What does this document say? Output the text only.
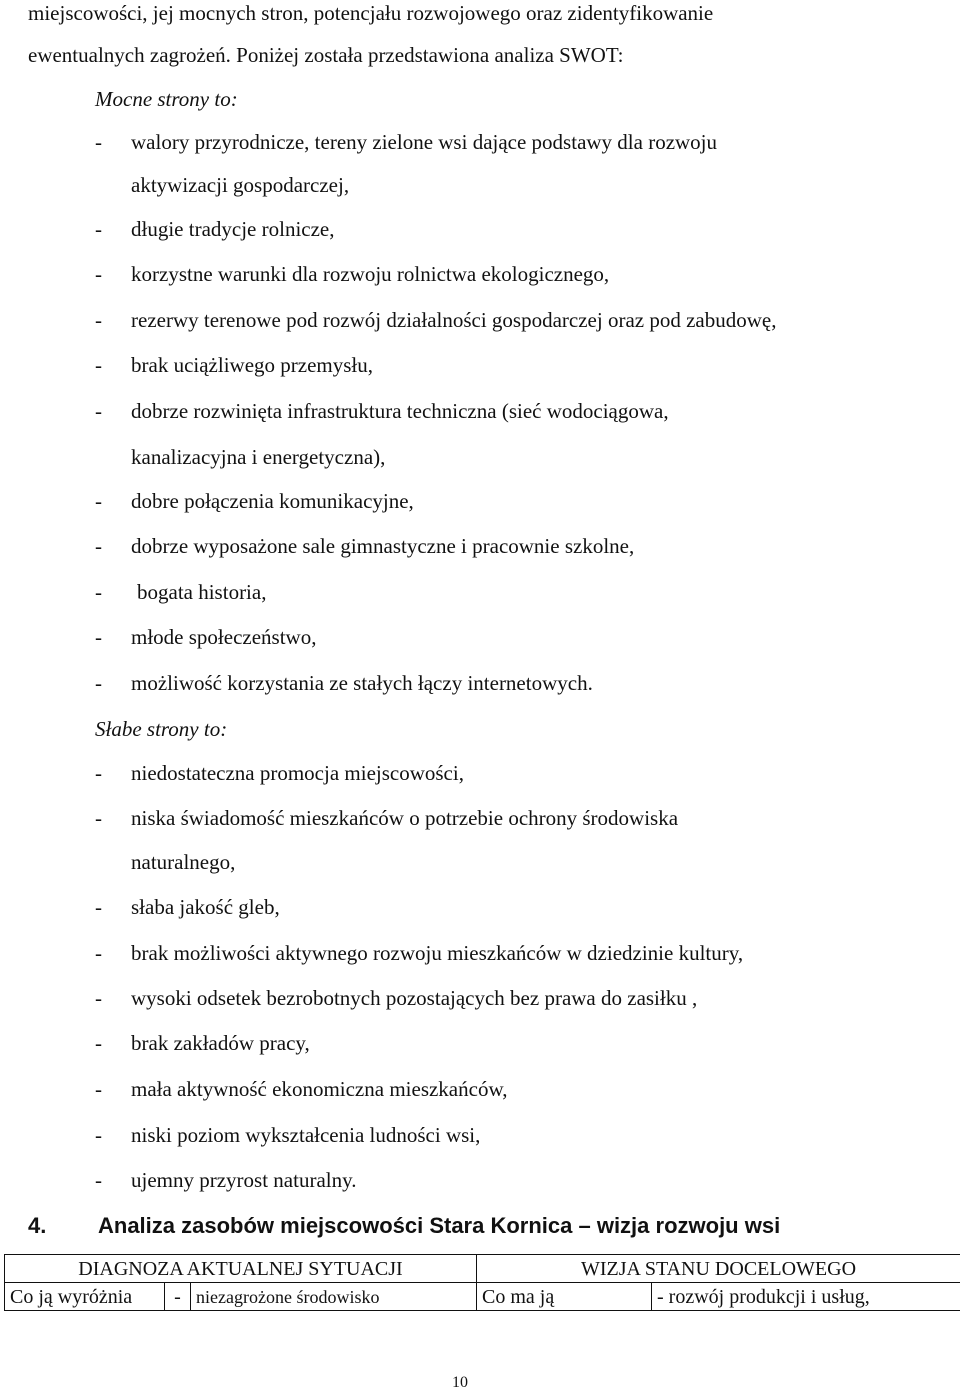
miejscowości, jej mocnych stron, potencjału rozwojowego oraz zidentyfikowanie
ewentualnych zagrożeń. Poniżej została przedstawiona analiza SWOT:
Mocne strony to:
- walory przyrodnicze, tereny zielone wsi dające podstawy dla rozwoju
aktywizacji gospodarczej,
- długie tradycje rolnicze,
- korzystne warunki dla rozwoju rolnictwa ekologicznego,
- rezerwy terenowe pod rozwój działalności gospodarczej oraz pod zabudowę,
- brak uciążliwego przemysłu,
- dobrze rozwinięta infrastruktura techniczna (sieć wodociągowa,
kanalizacyjna i energetyczna),
- dobre połączenia komunikacyjne,
- dobrze wyposażone sale gimnastyczne i pracownie szkolne,
- bogata historia,
- młode społeczeństwo,
- możliwość korzystania ze stałych łączy internetowych.
Słabe strony to:
- niedostateczna promocja miejscowości,
- niska świadomość mieszkańców o potrzebie ochrony środowiska
naturalnego,
- słaba jakość gleb,
- brak możliwości aktywnego rozwoju mieszkańców w dziedzinie kultury,
- wysoki odsetek bezrobotnych pozostających bez prawa do zasiłku ,
- brak zakładów pracy,
- mała aktywność ekonomiczna mieszkańców,
- niski poziom wykształcenia ludności wsi,
- ujemny przyrost naturalny.
4. Analiza zasobów miejscowości Stara Kornica – wizja rozwoju wsi
DIAGNOZA AKTUALNEJ SYTUACJI			WIZJA STANU DOCELOWEGO	
Co ją wyróżnia	-	niezagrożone środowisko	Co ma ją	- rozwój produkcji i usług,
10
